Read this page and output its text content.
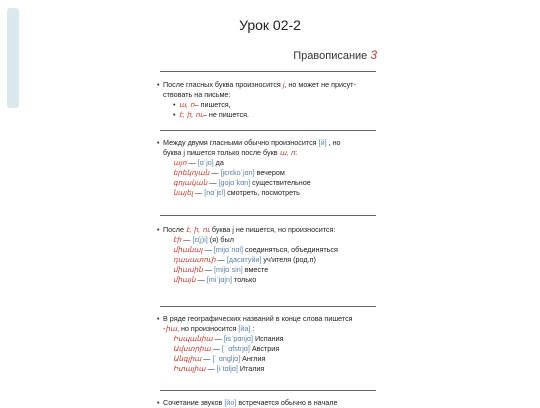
Урок 02-2
Правописание 3
• После гласных буква произносится j, но может не присут-
ствовать на письме:
• ա, ո – пишется,
• է, ի, ու – не пишется.
• Между двумя гласными обычно произносится [й] , но
буква j пишется только после букв ա, ո:
այո — [ɑˈjo] да
երեկոյան — [jɛɾɛkoˈjɑn] вечером
գոյական — [gojɑˈkɑn] существительное
նայել — [nɑˈjɛl] смотреть, посмотреть
• После է, ի, ու буква j не пишется, но произносится:
էի — [ɛ(j)i] (я) был
միանալ — [mijɑˈnɑl] соединяться, объединяться
դասատուի — [дасатуйи] уч'ителя (род.п)
միասին — [mijɑˈsin] вместе
միայն — [miˈjɑjn] только
• В ряде географических названий в конце слова пишется
-իա, но произносится [йа] :
Իսպանիա — [isˈpɑnjɑ] Испания
Ավստրիա — [ˈ ɑfstɾjɑ] Австрия
Անգլիա — [ˈ ɑnglјɑ] Англия
Իտալիա — [iˈtɑljɑ] Италия
• Сочетание звуков [йо] встречается обычно в начале
